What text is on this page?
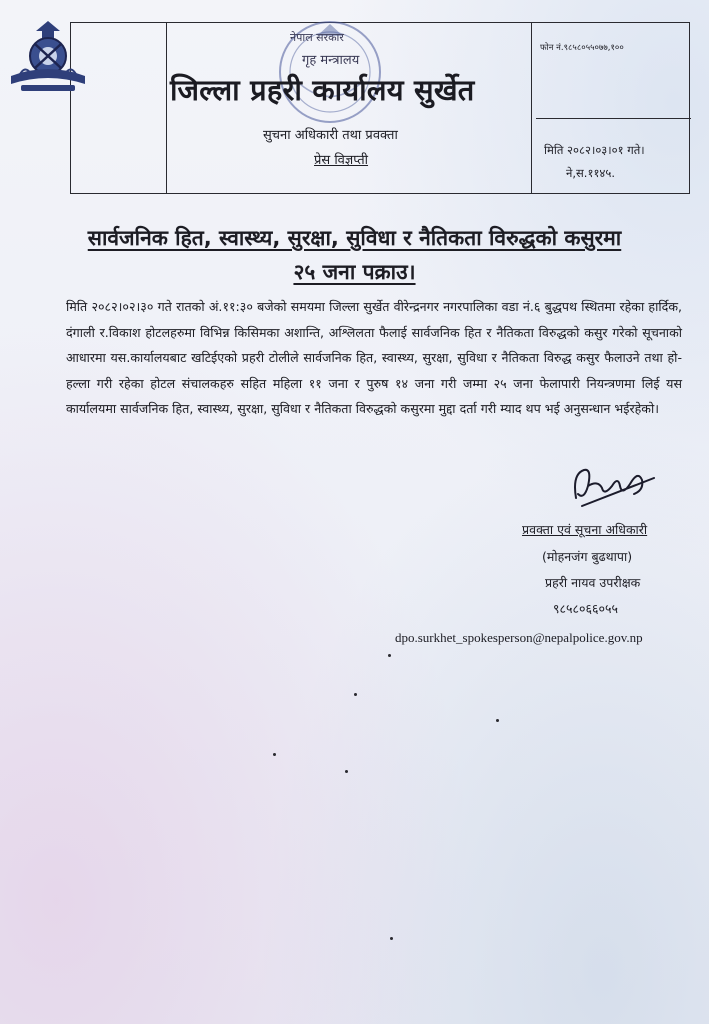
नेपाल सरकार
गृह मन्त्रालय
जिल्ला प्रहरी कार्यालय सुर्खेत
सुचना अधिकारी तथा प्रवक्ता
प्रेस विज्ञप्ती
फोन नं.९८५८०५५०७७,१००
मिति २०८२।०३।०१ गते।
ने,स.११४५.
सार्वजनिक हित, स्वास्थ्य, सुरक्षा, सुविधा र नैतिकता विरुद्धको कसुरमा
२५ जना पक्राउ।
मिति २०८२।०२।३० गते रातको अं.११:३० बजेको समयमा जिल्ला सुर्खेत वीरेन्द्रनगर नगरपालिका वडा नं.६ बुद्धपथ स्थितमा रहेका हार्दिक, दंगाली र.विकाश होटलहरुमा विभिन्न किसिमका अशान्ति, अश्लिलता फैलाई सार्वजनिक हित र नैतिकता विरुद्धको कसुर गरेको सूचनाको आधारमा यस.कार्यालयबाट खटिईएको प्रहरी टोलीले सार्वजनिक हित, स्वास्थ्य, सुरक्षा, सुविधा र नैतिकता विरुद्ध कसुर फैलाउने तथा हो-हल्ला गरी रहेका होटल संचालकहरु सहित महिला ११ जना र पुरुष १४ जना गरी जम्मा २५ जना फेलापारी नियन्त्रणमा लिई यस कार्यालयमा सार्वजनिक हित, स्वास्थ्य, सुरक्षा, सुविधा र नैतिकता विरुद्धको कसुरमा मुद्दा दर्ता गरी म्याद थप भई अनुसन्धान भईरहेको।
प्रवक्ता एवं सूचना अधिकारी
(मोहनजंग बुढथापा)
प्रहरी नायव उपरीक्षक
९८५८०६६०५५
dpo.surkhet_spokesperson@nepalpolice.gov.np
